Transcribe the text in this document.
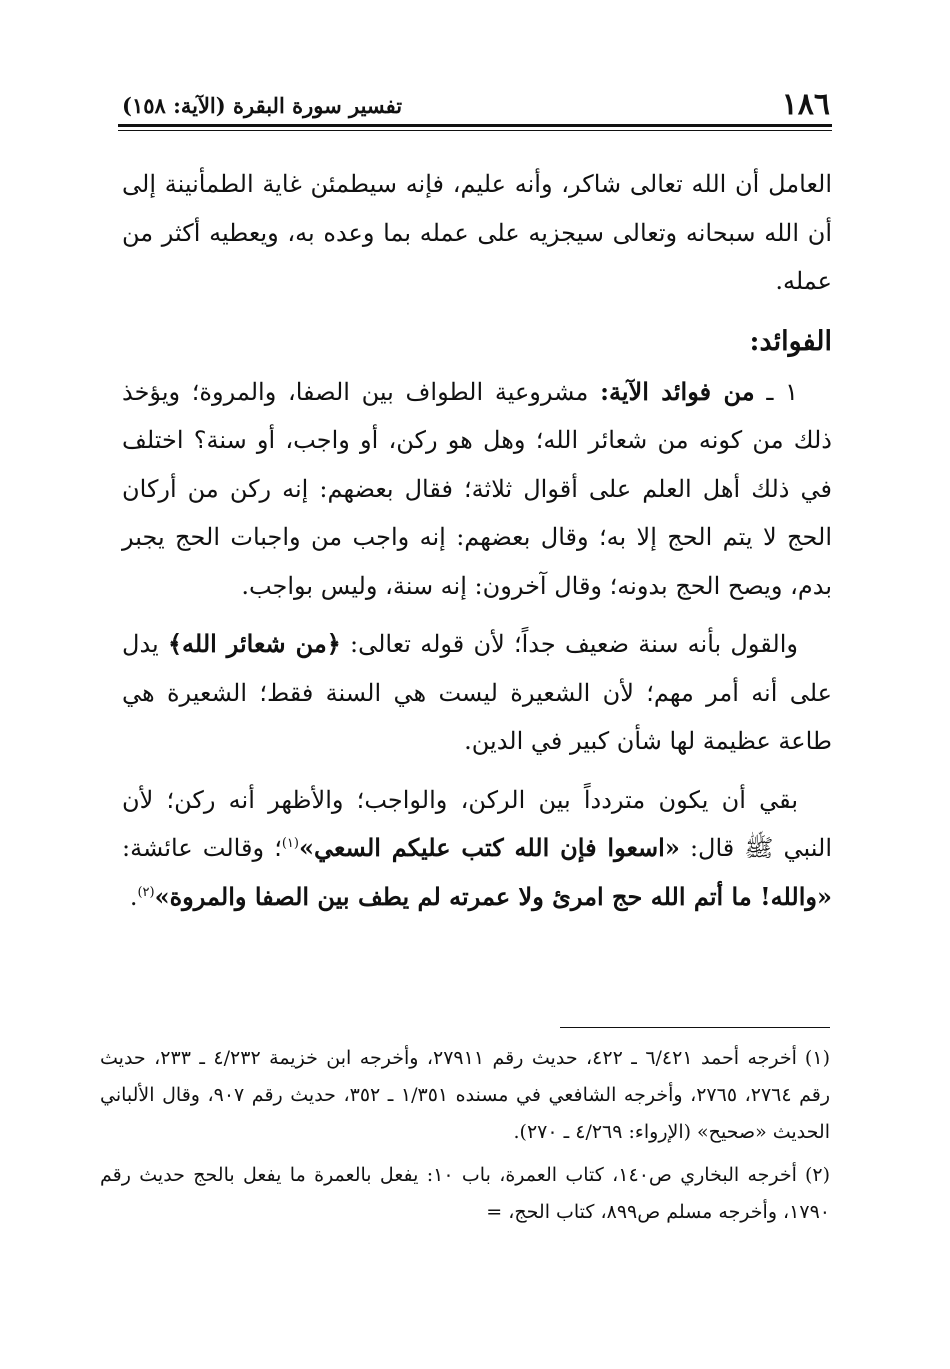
١٨٦
تفسير سورة البقرة (الآية: ١٥٨)

العامل أن الله تعالى شاكر، وأنه عليم، فإنه سيطمئن غاية الطمأنينة إلى أن الله سبحانه وتعالى سيجزيه على عمله بما وعده به، ويعطيه أكثر من عمله.

الفوائد:

١ ـ من فوائد الآية: مشروعية الطواف بين الصفا، والمروة؛ ويؤخذ ذلك من كونه من شعائر الله؛ وهل هو ركن، أو واجب، أو سنة؟ اختلف في ذلك أهل العلم على أقوال ثلاثة؛ فقال بعضهم: إنه ركن من أركان الحج لا يتم الحج إلا به؛ وقال بعضهم: إنه واجب من واجبات الحج يجبر بدم، ويصح الحج بدونه؛ وقال آخرون: إنه سنة، وليس بواجب.

والقول بأنه سنة ضعيف جداً؛ لأن قوله تعالى: ﴿من شعائر الله﴾ يدل على أنه أمر مهم؛ لأن الشعيرة ليست هي السنة فقط؛ الشعيرة هي طاعة عظيمة لها شأن كبير في الدين.

بقي أن يكون متردداً بين الركن، والواجب؛ والأظهر أنه ركن؛ لأن النبي ﷺ قال: «اسعوا فإن الله كتب عليكم السعي»$^{(١)}$؛ وقالت عائشة: «والله! ما أتم الله حج امرئ ولا عمرته لم يطف بين الصفا والمروة»$^{(٢)}$.

(١)أخرجه أحمد ٦/٤٢١ ـ ٤٢٢، حديث رقم ٢٧٩١١، وأخرجه ابن خزيمة ٤/٢٣٢ ـ ٢٣٣، حديث رقم ٢٧٦٤، ٢٧٦٥، وأخرجه الشافعي في مسنده ١/٣٥١ ـ ٣٥٢، حديث رقم ٩٠٧، وقال الألباني الحديث «صحيح» (الإرواء: ٤/٢٦٩ ـ ٢٧٠).

(٢)أخرجه البخاري ص١٤٠، كتاب العمرة، باب ١٠: يفعل بالعمرة ما يفعل بالحج حديث رقم ١٧٩٠، وأخرجه مسلم ص٨٩٩، كتاب الحج، =
